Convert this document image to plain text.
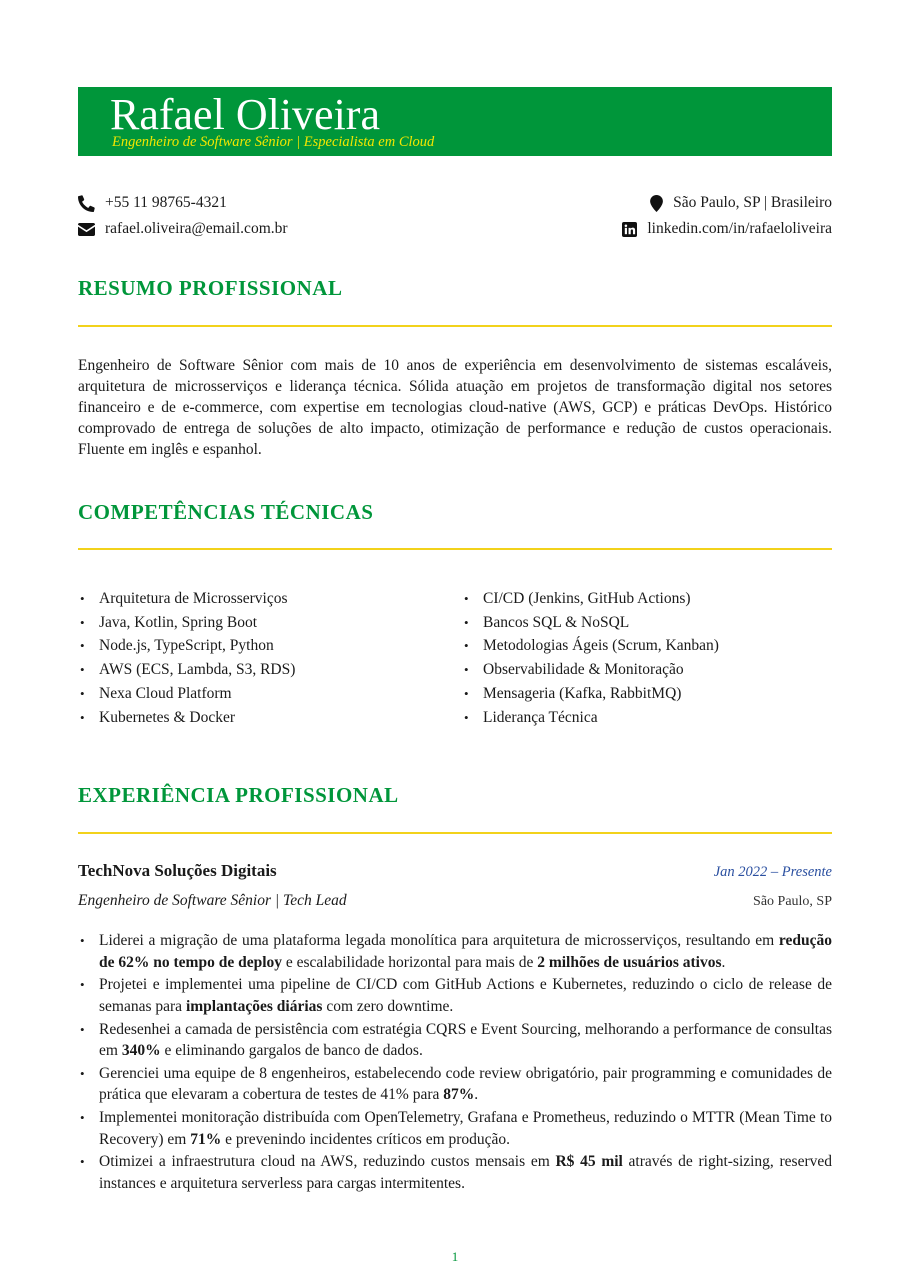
Rafael Oliveira
Engenheiro de Software Sênior | Especialista em Cloud
+55 11 98765-4321
rafael.oliveira@email.com.br
São Paulo, SP | Brasileiro
linkedin.com/in/rafaeloliveira
RESUMO PROFISSIONAL
Engenheiro de Software Sênior com mais de 10 anos de experiência em desenvolvimento de sistemas escaláveis, arquitetura de microsserviços e liderança técnica. Sólida atuação em projetos de transformação digital nos setores financeiro e de e-commerce, com expertise em tecnologias cloud-native (AWS, GCP) e práticas DevOps. Histórico comprovado de entrega de soluções de alto impacto, otimização de performance e redução de custos operacionais. Fluente em inglês e espanhol.
COMPETÊNCIAS TÉCNICAS
• Arquitetura de Microsserviços
• Java, Kotlin, Spring Boot
• Node.js, TypeScript, Python
• AWS (ECS, Lambda, S3, RDS)
• Nexa Cloud Platform
• Kubernetes & Docker
• CI/CD (Jenkins, GitHub Actions)
• Bancos SQL & NoSQL
• Metodologias Ágeis (Scrum, Kanban)
• Observabilidade & Monitoração
• Mensageria (Kafka, RabbitMQ)
• Liderança Técnica
EXPERIÊNCIA PROFISSIONAL
TechNova Soluções Digitais	Jan 2022 – Presente
Engenheiro de Software Sênior | Tech Lead	São Paulo, SP
• Liderei a migração de uma plataforma legada monolítica para arquitetura de microsserviços, resultando em redução de 62% no tempo de deploy e escalabilidade horizontal para mais de 2 milhões de usuários ativos.
• Projetei e implementei uma pipeline de CI/CD com GitHub Actions e Kubernetes, reduzindo o ciclo de release de semanas para implantações diárias com zero downtime.
• Redesenhei a camada de persistência com estratégia CQRS e Event Sourcing, melhorando a performance de consultas em 340% e eliminando gargalos de banco de dados.
• Gerenciei uma equipe de 8 engenheiros, estabelecendo code review obrigatório, pair programming e comunidades de prática que elevaram a cobertura de testes de 41% para 87%.
• Implementei monitoração distribuída com OpenTelemetry, Grafana e Prometheus, reduzindo o MTTR (Mean Time to Recovery) em 71% e prevenindo incidentes críticos em produção.
• Otimizei a infraestrutura cloud na AWS, reduzindo custos mensais em R$ 45 mil através de right-sizing, reserved instances e arquitetura serverless para cargas intermitentes.
1
